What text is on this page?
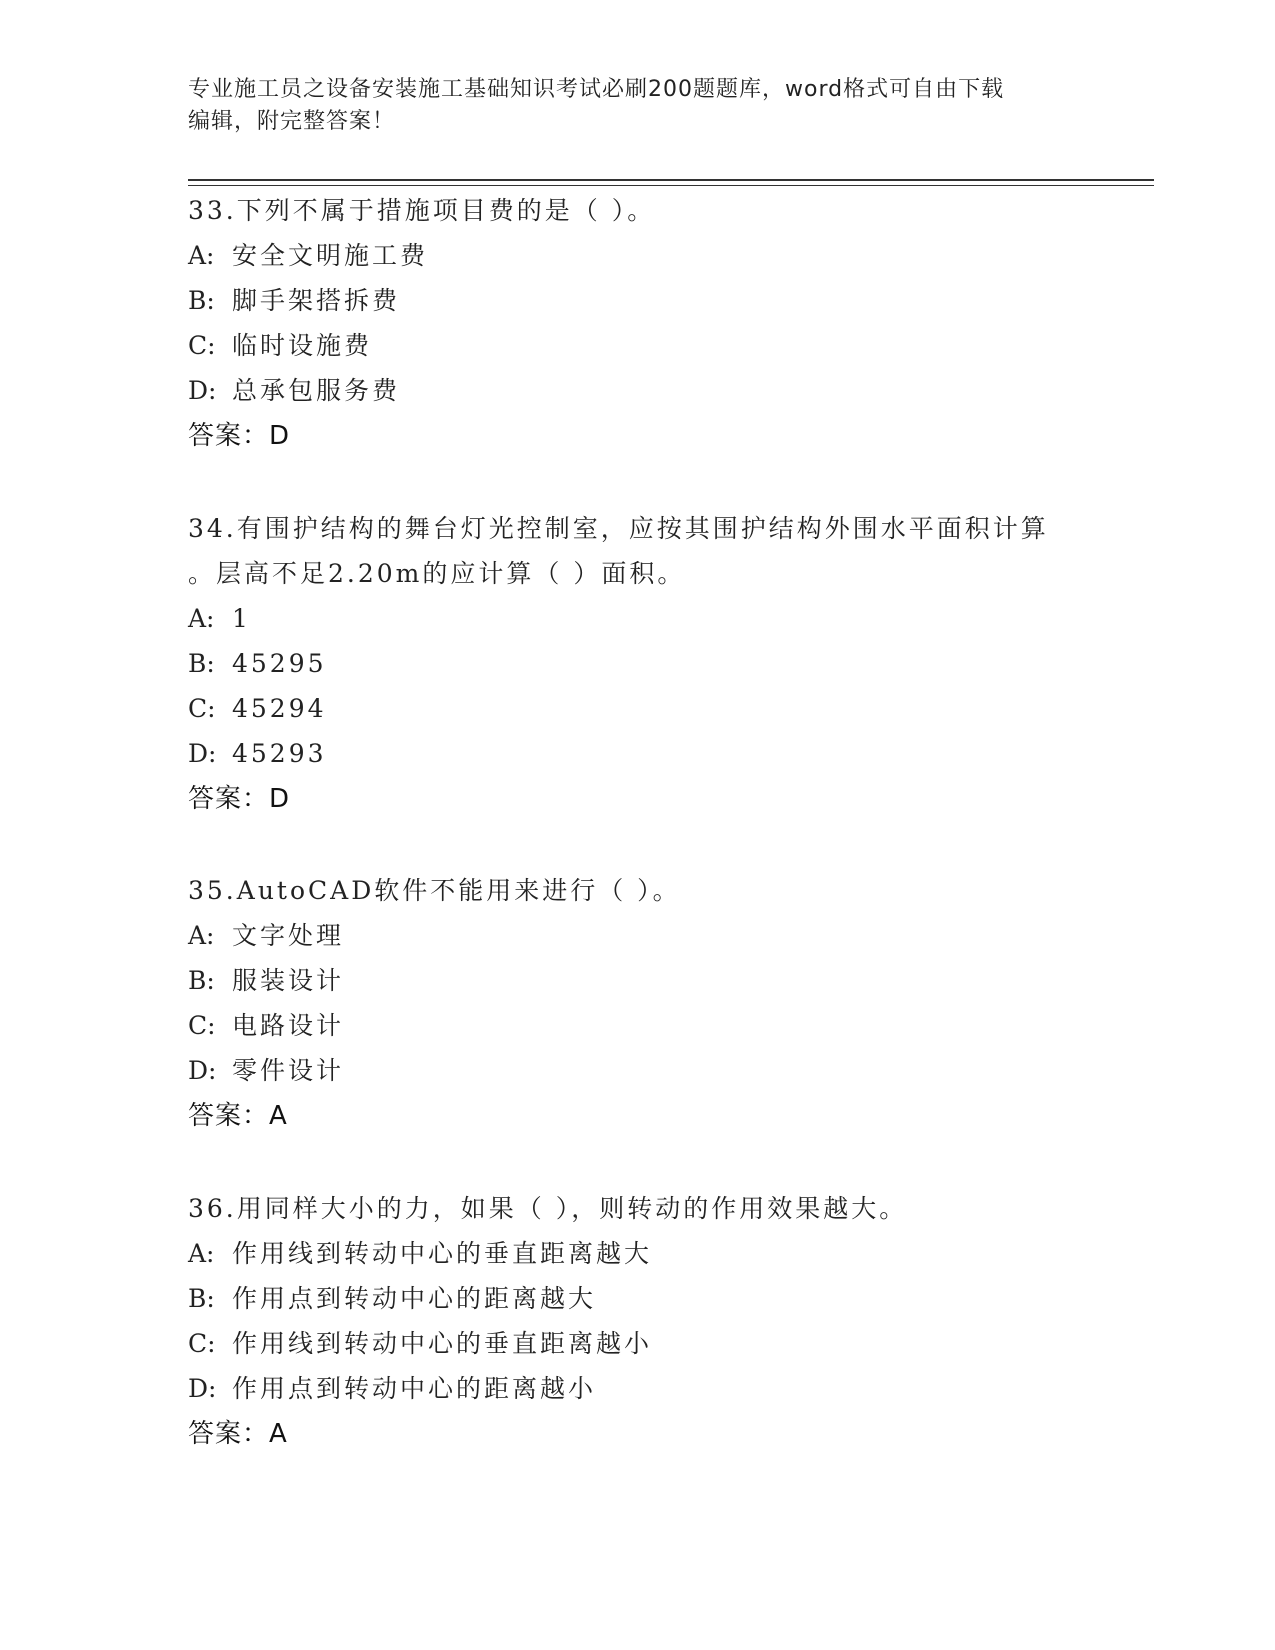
专业施工员之设备安装施工基础知识考试必刷200题题库，word格式可自由下载
编辑，附完整答案！
33.下列不属于措施项目费的是（ ）。
A: 安全文明施工费
B: 脚手架搭拆费
C: 临时设施费
D: 总承包服务费
答案：D
34.有围护结构的舞台灯光控制室，应按其围护结构外围水平面积计算
。层高不足2.20m的应计算（ ）面积。
A: 1
B: 45295
C: 45294
D: 45293
答案：D
35.AutoCAD软件不能用来进行（ ）。
A: 文字处理
B: 服装设计
C: 电路设计
D: 零件设计
答案：A
36.用同样大小的力，如果（ ），则转动的作用效果越大。
A: 作用线到转动中心的垂直距离越大
B: 作用点到转动中心的距离越大
C: 作用线到转动中心的垂直距离越小
D: 作用点到转动中心的距离越小
答案：A
